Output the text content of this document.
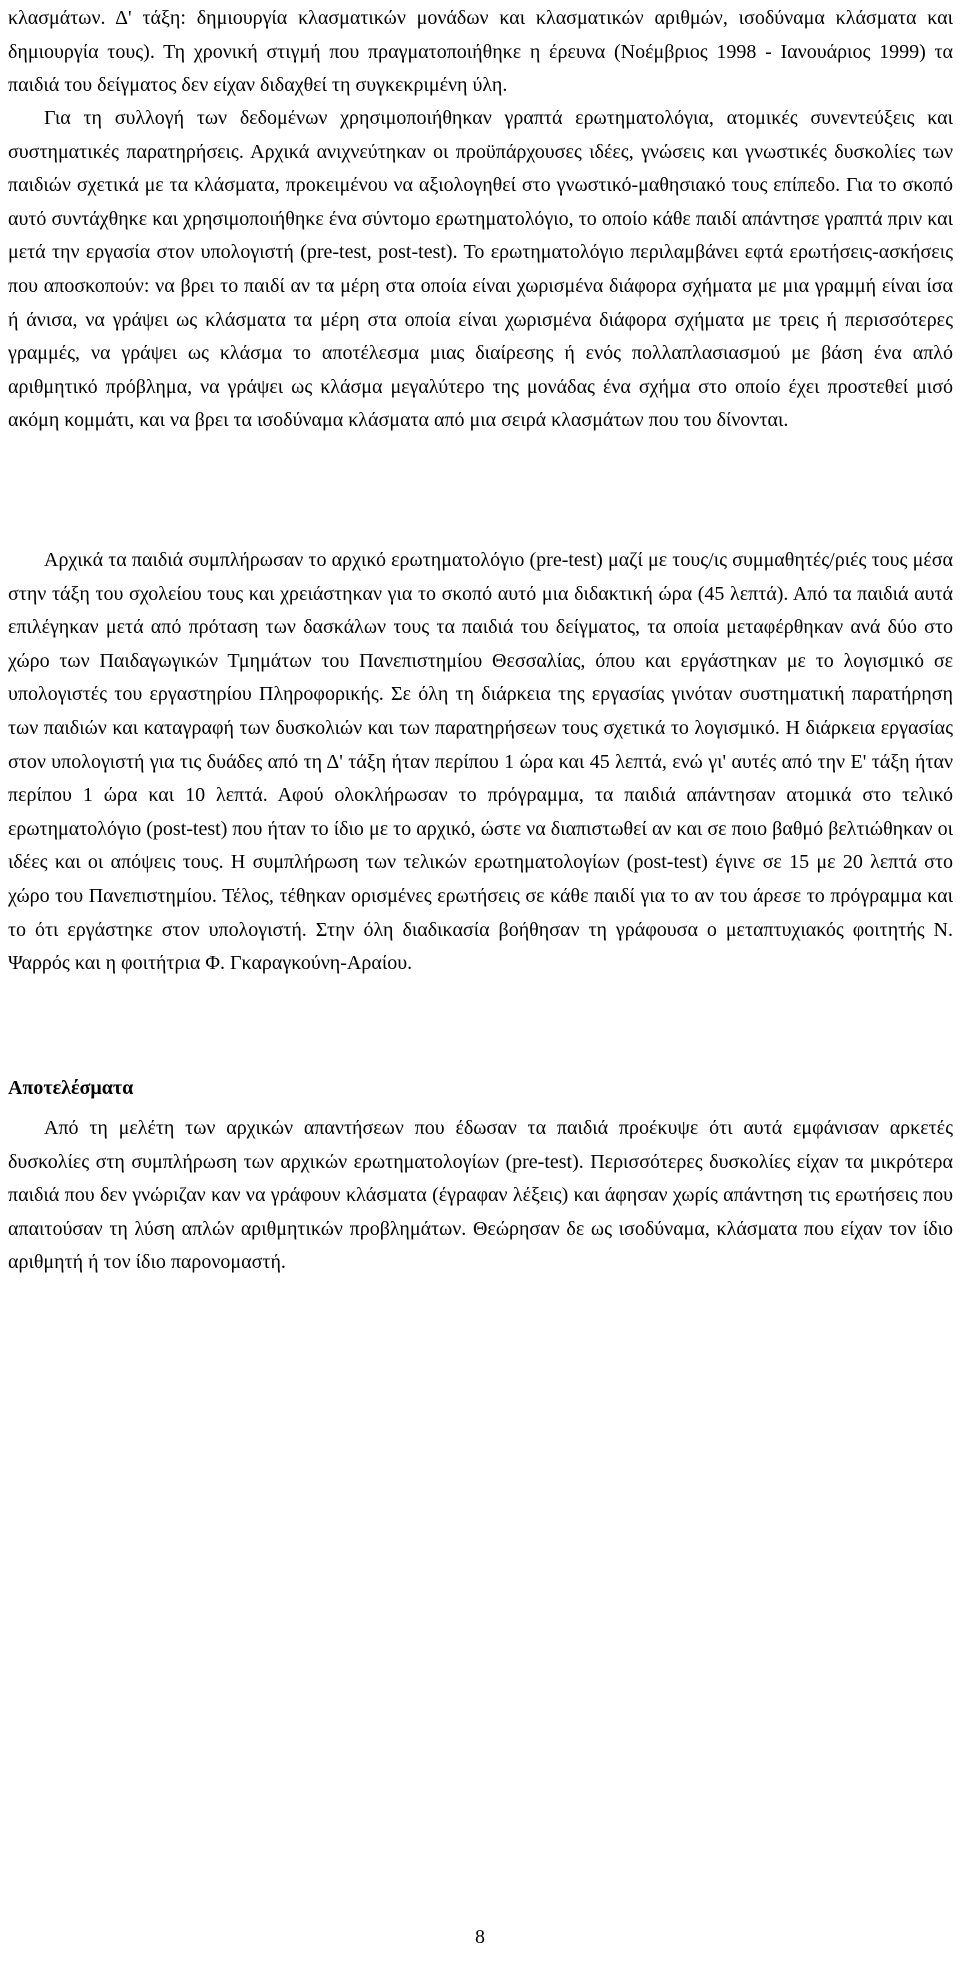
κλασμάτων. Δ' τάξη: δημιουργία κλασματικών μονάδων και κλασματικών αριθμών, ισοδύναμα κλάσματα και δημιουργία τους). Τη χρονική στιγμή που πραγματοποιήθηκε η έρευνα (Νοέμβριος 1998 - Ιανουάριος 1999) τα παιδιά του δείγματος δεν είχαν διδαχθεί τη συγκεκριμένη ύλη.

Για τη συλλογή των δεδομένων χρησιμοποιήθηκαν γραπτά ερωτηματολόγια, ατομικές συνεντεύξεις και συστηματικές παρατηρήσεις. Αρχικά ανιχνεύτηκαν οι προϋπάρχουσες ιδέες, γνώσεις και γνωστικές δυσκολίες των παιδιών σχετικά με τα κλάσματα, προκειμένου να αξιολογηθεί στο γνωστικό-μαθησιακό τους επίπεδο. Για το σκοπό αυτό συντάχθηκε και χρησιμοποιήθηκε ένα σύντομο ερωτηματολόγιο, το οποίο κάθε παιδί απάντησε γραπτά πριν και μετά την εργασία στον υπολογιστή (pre-test, post-test). Το ερωτηματολόγιο περιλαμβάνει εφτά ερωτήσεις-ασκήσεις που αποσκοπούν: να βρει το παιδί αν τα μέρη στα οποία είναι χωρισμένα διάφορα σχήματα με μια γραμμή είναι ίσα ή άνισα, να γράψει ως κλάσματα τα μέρη στα οποία είναι χωρισμένα διάφορα σχήματα με τρεις ή περισσότερες γραμμές, να γράψει ως κλάσμα το αποτέλεσμα μιας διαίρεσης ή ενός πολλαπλασιασμού με βάση ένα απλό αριθμητικό πρόβλημα, να γράψει ως κλάσμα μεγαλύτερο της μονάδας ένα σχήμα στο οποίο έχει προστεθεί μισό ακόμη κομμάτι, και να βρει τα ισοδύναμα κλάσματα από μια σειρά κλασμάτων που του δίνονται.

Αρχικά τα παιδιά συμπλήρωσαν το αρχικό ερωτηματολόγιο (pre-test) μαζί με τους/ις συμμαθητές/ριές τους μέσα στην τάξη του σχολείου τους και χρειάστηκαν για το σκοπό αυτό μια διδακτική ώρα (45 λεπτά). Από τα παιδιά αυτά επιλέγηκαν μετά από πρόταση των δασκάλων τους τα παιδιά του δείγματος, τα οποία μεταφέρθηκαν ανά δύο στο χώρο των Παιδαγωγικών Τμημάτων του Πανεπιστημίου Θεσσαλίας, όπου και εργάστηκαν με το λογισμικό σε υπολογιστές του εργαστηρίου Πληροφορικής. Σε όλη τη διάρκεια της εργασίας γινόταν συστηματική παρατήρηση των παιδιών και καταγραφή των δυσκολιών και των παρατηρήσεων τους σχετικά το λογισμικό. Η διάρκεια εργασίας στον υπολογιστή για τις δυάδες από τη Δ' τάξη ήταν περίπου 1 ώρα και 45 λεπτά, ενώ γι' αυτές από την Ε' τάξη ήταν περίπου 1 ώρα και 10 λεπτά. Αφού ολοκλήρωσαν το πρόγραμμα, τα παιδιά απάντησαν ατομικά στο τελικό ερωτηματολόγιο (post-test) που ήταν το ίδιο με το αρχικό, ώστε να διαπιστωθεί αν και σε ποιο βαθμό βελτιώθηκαν οι ιδέες και οι απόψεις τους. Η συμπλήρωση των τελικών ερωτηματολογίων (post-test) έγινε σε 15 με 20 λεπτά στο χώρο του Πανεπιστημίου. Τέλος, τέθηκαν ορισμένες ερωτήσεις σε κάθε παιδί για το αν του άρεσε το πρόγραμμα και το ότι εργάστηκε στον υπολογιστή. Στην όλη διαδικασία βοήθησαν τη γράφουσα ο μεταπτυχιακός φοιτητής Ν. Ψαρρός και η φοιτήτρια Φ. Γκαραγκούνη-Αραίου.

Αποτελέσματα

Από τη μελέτη των αρχικών απαντήσεων που έδωσαν τα παιδιά προέκυψε ότι αυτά εμφάνισαν αρκετές δυσκολίες στη συμπλήρωση των αρχικών ερωτηματολογίων (pre-test). Περισσότερες δυσκολίες είχαν τα μικρότερα παιδιά που δεν γνώριζαν καν να γράφουν κλάσματα (έγραφαν λέξεις) και άφησαν χωρίς απάντηση τις ερωτήσεις που απαιτούσαν τη λύση απλών αριθμητικών προβλημάτων. Θεώρησαν δε ως ισοδύναμα, κλάσματα που είχαν τον ίδιο αριθμητή ή τον ίδιο παρονομαστή.

8
